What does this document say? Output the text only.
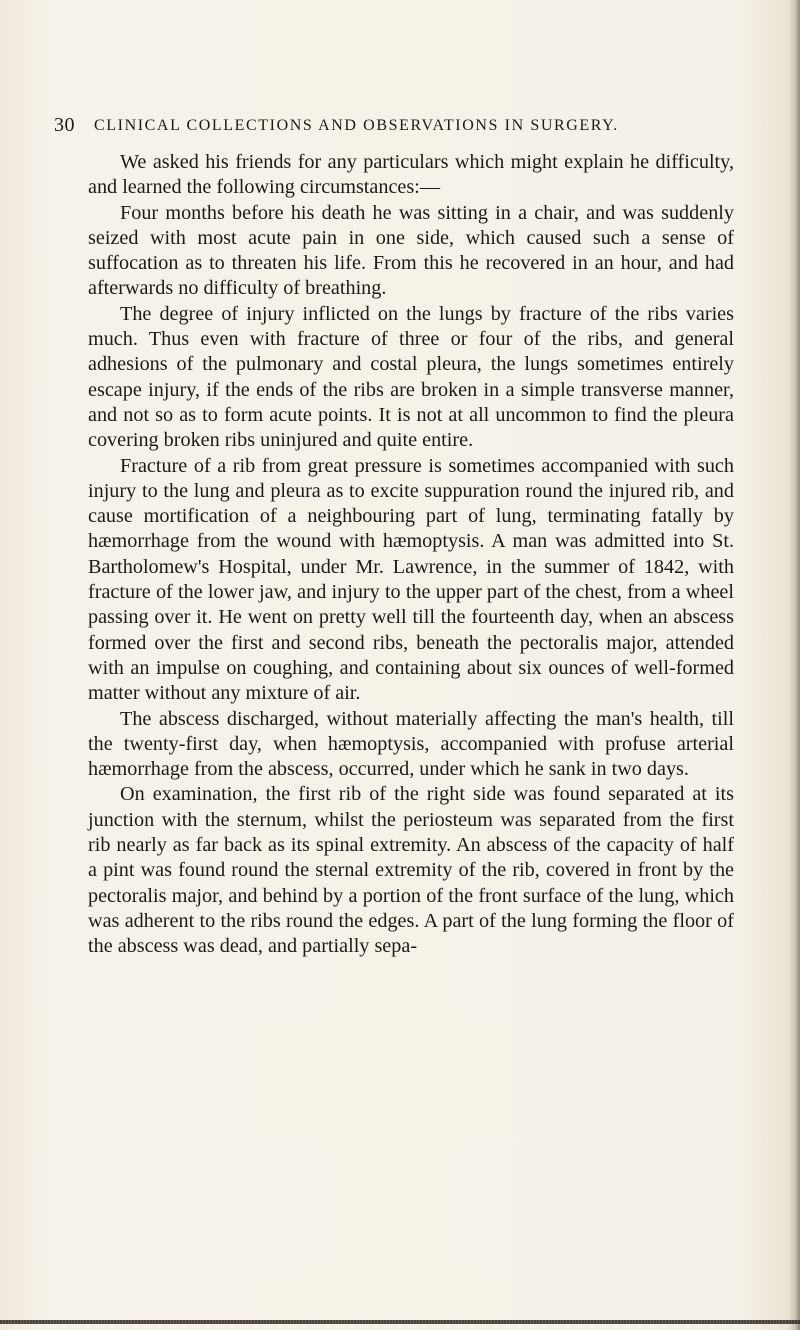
30 CLINICAL COLLECTIONS AND OBSERVATIONS IN SURGERY.

We asked his friends for any particulars which might explain he difficulty, and learned the following circumstances:—

Four months before his death he was sitting in a chair, and was suddenly seized with most acute pain in one side, which caused such a sense of suffocation as to threaten his life. From this he recovered in an hour, and had afterwards no difficulty of breathing.

The degree of injury inflicted on the lungs by fracture of the ribs varies much. Thus even with fracture of three or four of the ribs, and general adhesions of the pulmonary and costal pleura, the lungs sometimes entirely escape injury, if the ends of the ribs are broken in a simple transverse manner, and not so as to form acute points. It is not at all uncommon to find the pleura covering broken ribs uninjured and quite entire.

Fracture of a rib from great pressure is sometimes accompanied with such injury to the lung and pleura as to excite suppuration round the injured rib, and cause mortification of a neighbouring part of lung, terminating fatally by hæmorrhage from the wound with hæmoptysis. A man was admitted into St. Bartholomew's Hospital, under Mr. Lawrence, in the summer of 1842, with fracture of the lower jaw, and injury to the upper part of the chest, from a wheel passing over it. He went on pretty well till the fourteenth day, when an abscess formed over the first and second ribs, beneath the pectoralis major, attended with an impulse on coughing, and containing about six ounces of well-formed matter without any mixture of air.

The abscess discharged, without materially affecting the man's health, till the twenty-first day, when hæmoptysis, accompanied with profuse arterial hæmorrhage from the abscess, occurred, under which he sank in two days.

On examination, the first rib of the right side was found separated at its junction with the sternum, whilst the periosteum was separated from the first rib nearly as far back as its spinal extremity. An abscess of the capacity of half a pint was found round the sternal extremity of the rib, covered in front by the pectoralis major, and behind by a portion of the front surface of the lung, which was adherent to the ribs round the edges. A part of the lung forming the floor of the abscess was dead, and partially sepa-
